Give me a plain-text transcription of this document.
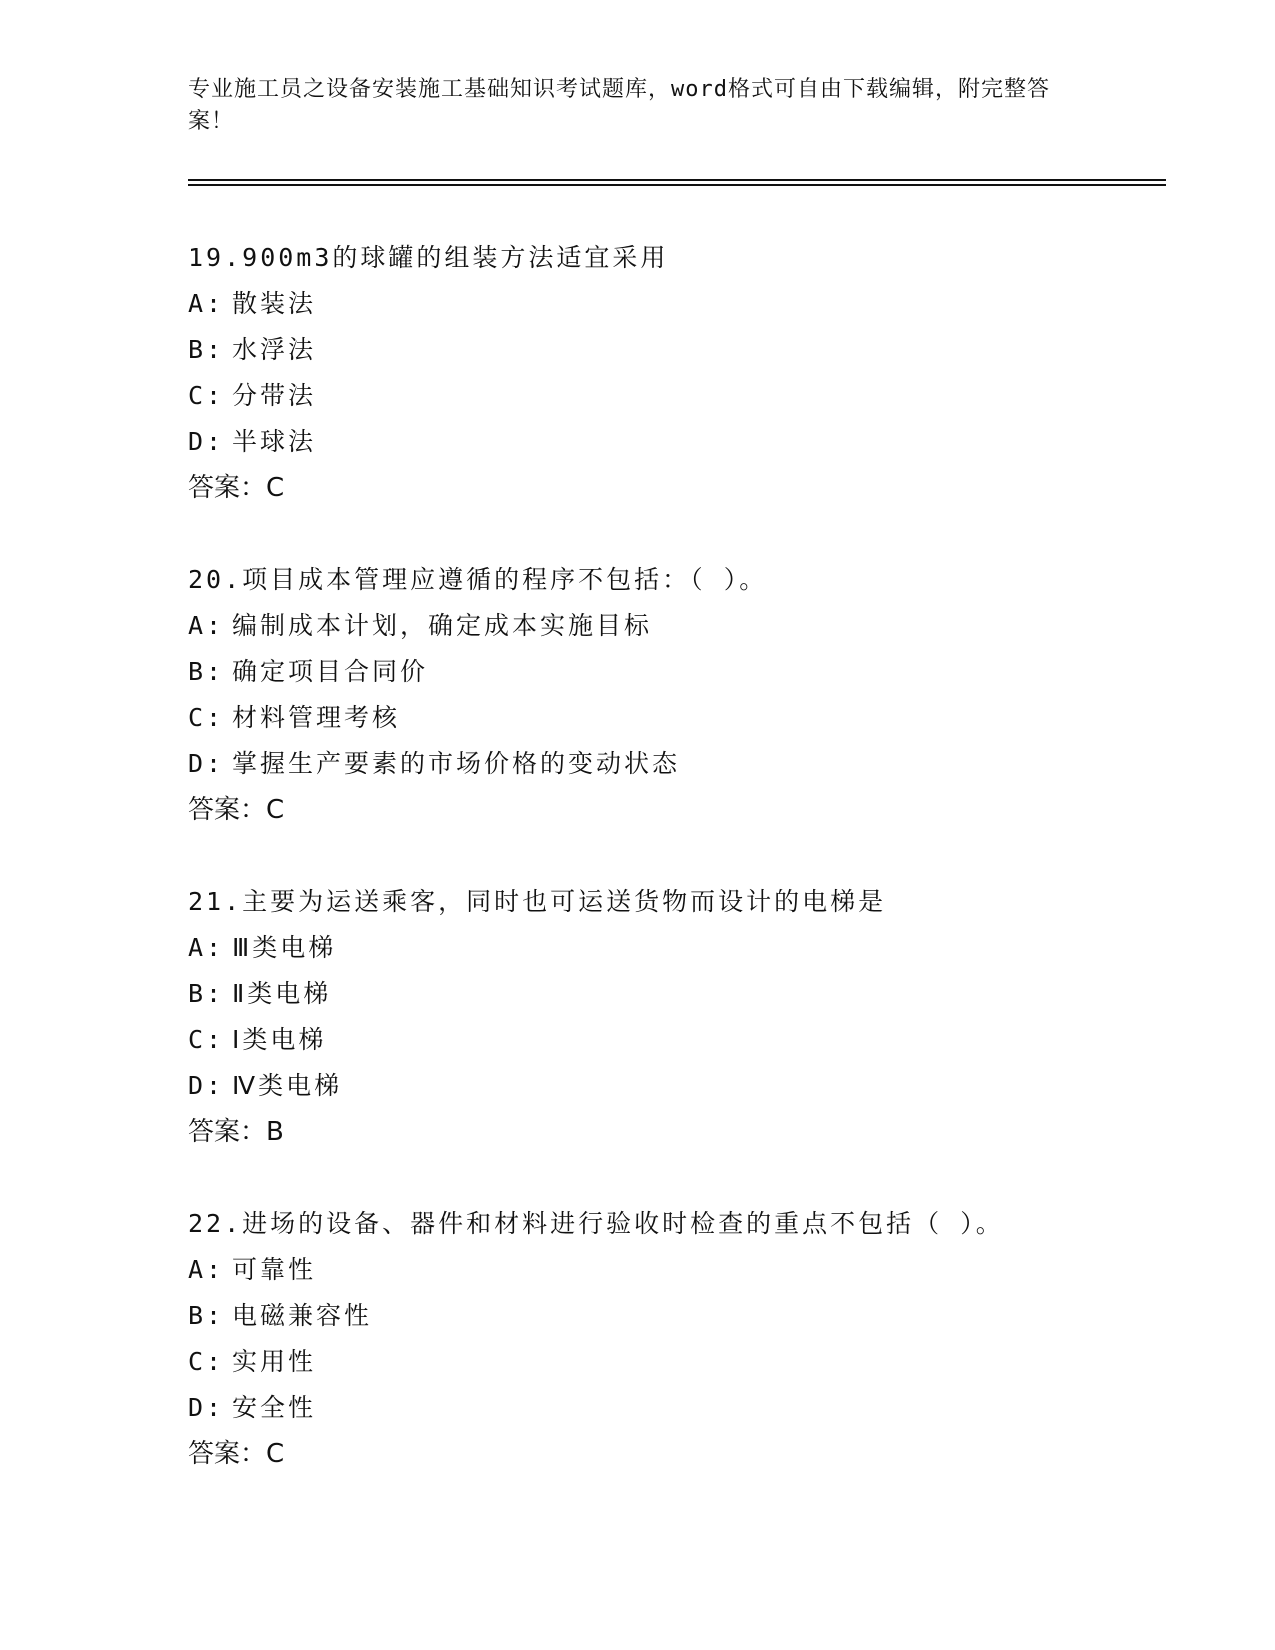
专业施工员之设备安装施工基础知识考试题库，word格式可自由下载编辑，附完整答案！
19.900m3的球罐的组装方法适宜采用
A: 散装法
B: 水浮法
C: 分带法
D: 半球法
答案：C
20.项目成本管理应遵循的程序不包括：（ ）。
A: 编制成本计划，确定成本实施目标
B: 确定项目合同价
C: 材料管理考核
D: 掌握生产要素的市场价格的变动状态
答案：C
21.主要为运送乘客，同时也可运送货物而设计的电梯是
A: Ⅲ类电梯
B: Ⅱ类电梯
C: Ⅰ类电梯
D: Ⅳ类电梯
答案：B
22.进场的设备、器件和材料进行验收时检查的重点不包括（ ）。
A: 可靠性
B: 电磁兼容性
C: 实用性
D: 安全性
答案：C
